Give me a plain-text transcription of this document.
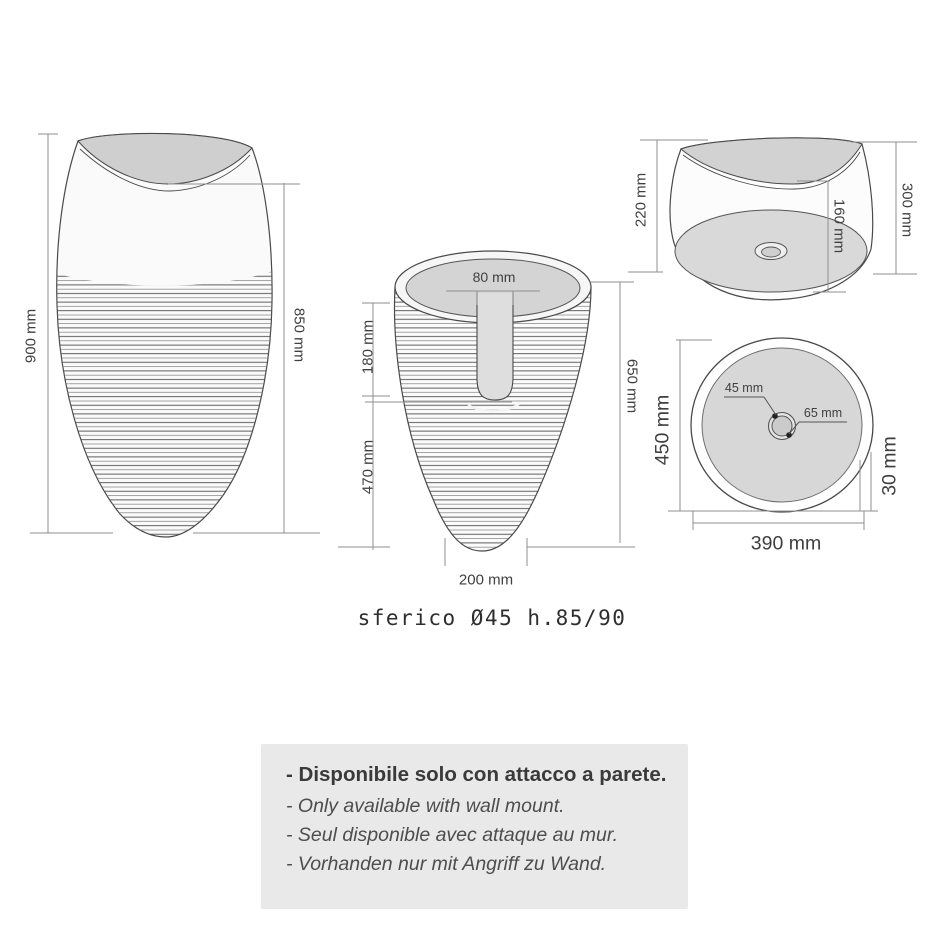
900 mm	850 mm
80 mm
180 mm
470 mm
650 mm
200 mm
220 mm	160 mm	300 mm
45 mm
65 mm
450 mm
30 mm
390 mm
sferico Ø45 h.85/90

- Disponibile solo con attacco a parete.

- Only available with wall mount.

- Seul disponible avec attaque au mur.

- Vorhanden nur mit Angriff zu Wand.
